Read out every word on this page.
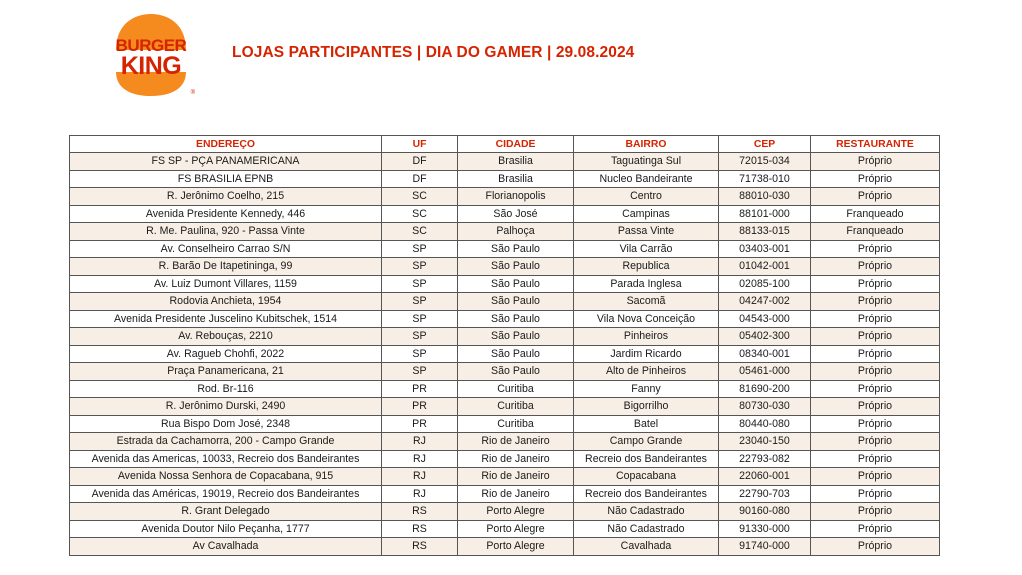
BURGER
KING
®
LOJAS PARTICIPANTES | DIA DO GAMER | 29.08.2024
ENDEREÇO	UF	CIDADE	BAIRRO	CEP	RESTAURANTE
FS SP - PÇA PANAMERICANA	DF	Brasilia	Taguatinga Sul	72015-034	Próprio
FS BRASILIA EPNB	DF	Brasilia	Nucleo Bandeirante	71738-010	Próprio
R. Jerônimo Coelho, 215	SC	Florianopolis	Centro	88010-030	Próprio
Avenida Presidente Kennedy, 446	SC	São José	Campinas	88101-000	Franqueado
R. Me. Paulina, 920 - Passa Vinte	SC	Palhoça	Passa Vinte	88133-015	Franqueado
Av. Conselheiro Carrao S/N	SP	São Paulo	Vila Carrão	03403-001	Próprio
R. Barão De Itapetininga, 99	SP	São Paulo	Republica	01042-001	Próprio
Av. Luiz Dumont Villares, 1159	SP	São Paulo	Parada Inglesa	02085-100	Próprio
Rodovia Anchieta, 1954	SP	São Paulo	Sacomã	04247-002	Próprio
Avenida Presidente Juscelino Kubitschek, 1514	SP	São Paulo	Vila Nova Conceição	04543-000	Próprio
Av. Rebouças, 2210	SP	São Paulo	Pinheiros	05402-300	Próprio
Av. Ragueb Chohfi, 2022	SP	São Paulo	Jardim Ricardo	08340-001	Próprio
Praça Panamericana, 21	SP	São Paulo	Alto de Pinheiros	05461-000	Próprio
Rod. Br-116	PR	Curitiba	Fanny	81690-200	Próprio
R. Jerônimo Durski, 2490	PR	Curitiba	Bigorrilho	80730-030	Próprio
Rua Bispo Dom José, 2348	PR	Curitiba	Batel	80440-080	Próprio
Estrada da Cachamorra, 200 - Campo Grande	RJ	Rio de Janeiro	Campo Grande	23040-150	Próprio
Avenida das Americas, 10033, Recreio dos Bandeirantes	RJ	Rio de Janeiro	Recreio dos Bandeirantes	22793-082	Próprio
Avenida Nossa Senhora de Copacabana, 915	RJ	Rio de Janeiro	Copacabana	22060-001	Próprio
Avenida das Américas, 19019, Recreio dos Bandeirantes	RJ	Rio de Janeiro	Recreio dos Bandeirantes	22790-703	Próprio
R. Grant Delegado	RS	Porto Alegre	Não Cadastrado	90160-080	Próprio
Avenida Doutor Nilo Peçanha, 1777	RS	Porto Alegre	Não Cadastrado	91330-000	Próprio
Av Cavalhada	RS	Porto Alegre	Cavalhada	91740-000	Próprio
